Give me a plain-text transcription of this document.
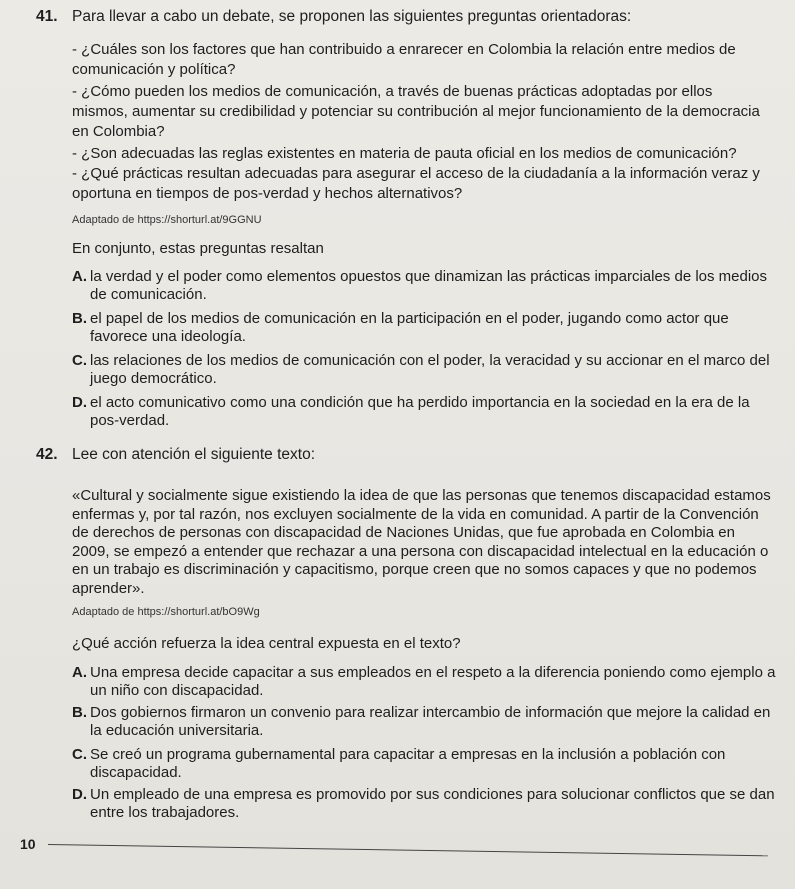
41. Para llevar a cabo un debate, se proponen las siguientes preguntas orientadoras:
- ¿Cuáles son los factores que han contribuido a enrarecer en Colombia la relación entre medios de comunicación y política?
- ¿Cómo pueden los medios de comunicación, a través de buenas prácticas adoptadas por ellos mismos, aumentar su credibilidad y potenciar su contribución al mejor funcionamiento de la democracia en Colombia?
- ¿Son adecuadas las reglas existentes en materia de pauta oficial en los medios de comunicación?
- ¿Qué prácticas resultan adecuadas para asegurar el acceso de la ciudadanía a la información veraz y oportuna en tiempos de pos-verdad y hechos alternativos?
Adaptado de https://shorturl.at/9GGNU
En conjunto, estas preguntas resaltan
A. la verdad y el poder como elementos opuestos que dinamizan las prácticas imparciales de los medios de comunicación.
B. el papel de los medios de comunicación en la participación en el poder, jugando como actor que favorece una ideología.
C. las relaciones de los medios de comunicación con el poder, la veracidad y su accionar en el marco del juego democrático.
D. el acto comunicativo como una condición que ha perdido importancia en la sociedad en la era de la pos-verdad.
42. Lee con atención el siguiente texto:
«Cultural y socialmente sigue existiendo la idea de que las personas que tenemos discapacidad estamos enfermas y, por tal razón, nos excluyen socialmente de la vida en comunidad. A partir de la Convención de derechos de personas con discapacidad de Naciones Unidas, que fue aprobada en Colombia en 2009, se empezó a entender que rechazar a una persona con discapacidad intelectual en la educación o en un trabajo es discriminación y capacitismo, porque creen que no somos capaces y que no podemos aprender».
Adaptado de https://shorturl.at/bO9Wg
¿Qué acción refuerza la idea central expuesta en el texto?
A. Una empresa decide capacitar a sus empleados en el respeto a la diferencia poniendo como ejemplo a un niño con discapacidad.
B. Dos gobiernos firmaron un convenio para realizar intercambio de información que mejore la calidad en la educación universitaria.
C. Se creó un programa gubernamental para capacitar a empresas en la inclusión a población con discapacidad.
D. Un empleado de una empresa es promovido por sus condiciones para solucionar conflictos que se dan entre los trabajadores.
10
